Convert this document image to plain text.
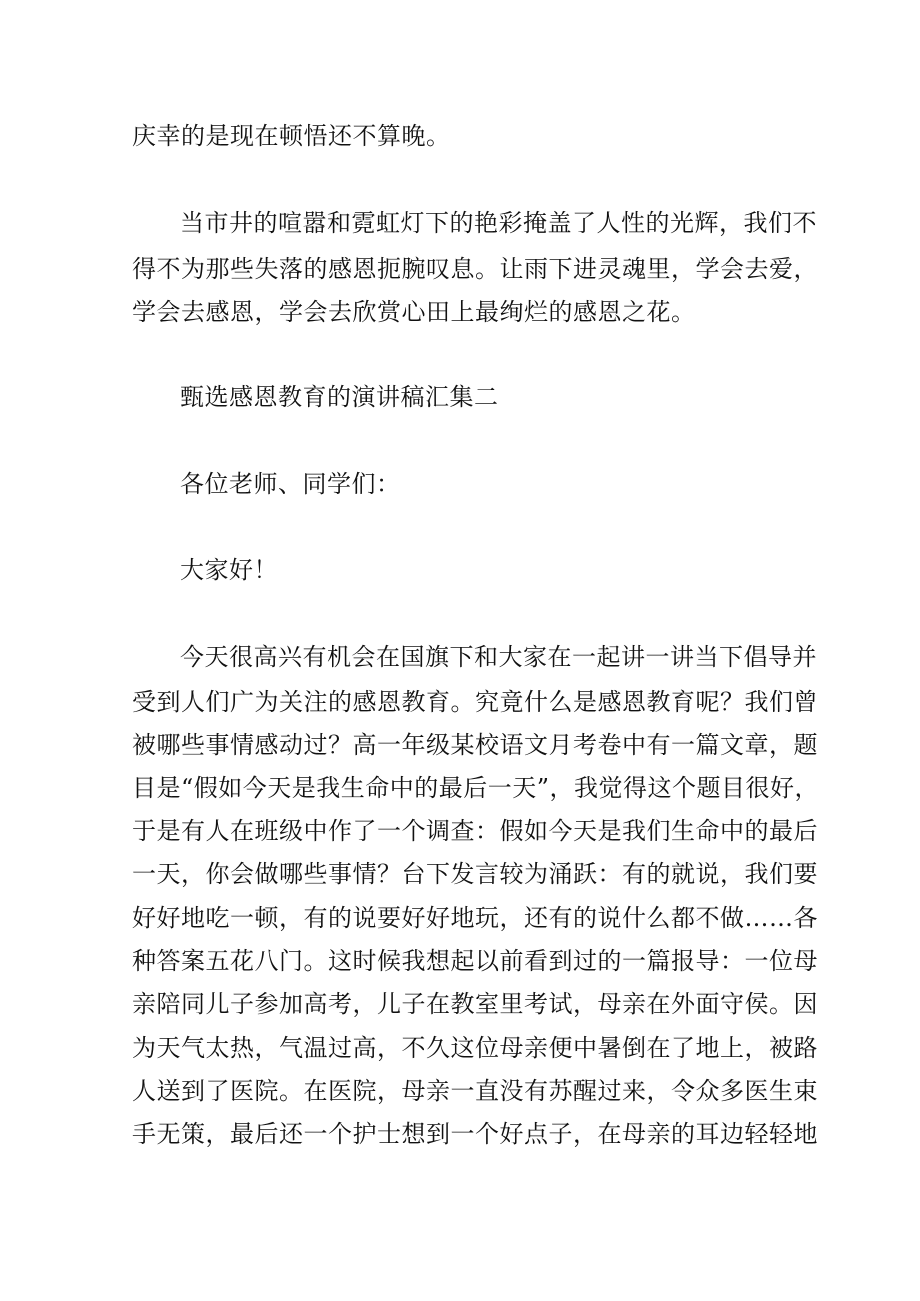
庆幸的是现在顿悟还不算晚。
当市井的喧嚣和霓虹灯下的艳彩掩盖了人性的光辉，我们不
得不为那些失落的感恩扼腕叹息。让雨下进灵魂里，学会去爱，
学会去感恩，学会去欣赏心田上最绚烂的感恩之花。
甄选感恩教育的演讲稿汇集二
各位老师、同学们：
大家好！
今天很高兴有机会在国旗下和大家在一起讲一讲当下倡导并
受到人们广为关注的感恩教育。究竟什么是感恩教育呢？我们曾
被哪些事情感动过？高一年级某校语文月考卷中有一篇文章，题
目是“假如今天是我生命中的最后一天”，我觉得这个题目很好，
于是有人在班级中作了一个调查：假如今天是我们生命中的最后
一天，你会做哪些事情？台下发言较为涌跃：有的就说，我们要
好好地吃一顿，有的说要好好地玩，还有的说什么都不做……各
种答案五花八门。这时候我想起以前看到过的一篇报导：一位母
亲陪同儿子参加高考，儿子在教室里考试，母亲在外面守侯。因
为天气太热，气温过高，不久这位母亲便中暑倒在了地上，被路
人送到了医院。在医院，母亲一直没有苏醒过来，令众多医生束
手无策，最后还一个护士想到一个好点子，在母亲的耳边轻轻地
